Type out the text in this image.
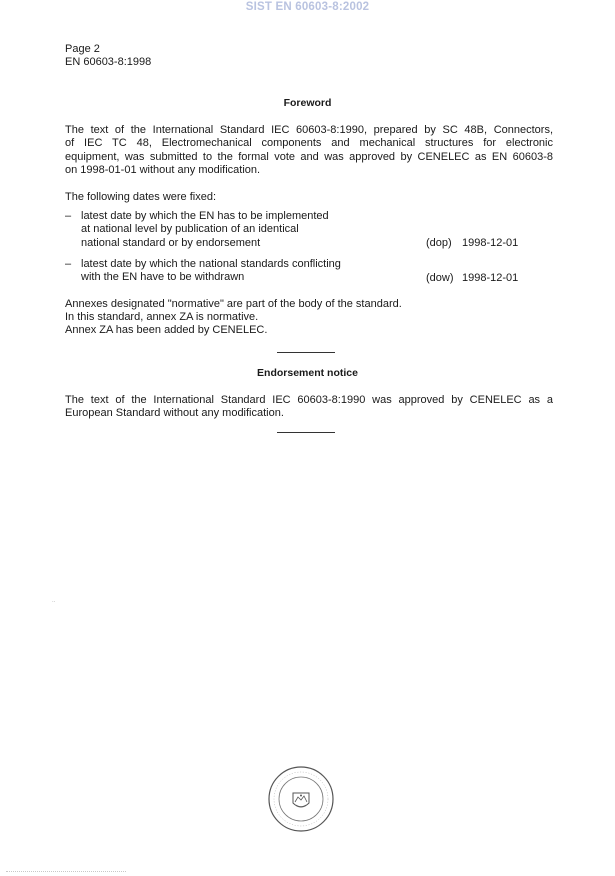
SIST EN 60603-8:2002
Page 2
EN 60603-8:1998
Foreword
The text of the International Standard IEC 60603-8:1990, prepared by SC 48B, Connectors,
of IEC TC 48, Electromechanical components and mechanical structures for electronic
equipment, was submitted to the formal vote and was approved by CENELEC as EN 60603-8
on 1998-01-01 without any modification.
The following dates were fixed:
– latest date by which the EN has to be implemented
at national level by publication of an identical
national standard or by endorsement	(dop) 1998-12-01
– latest date by which the national standards conflicting
with the EN have to be withdrawn	(dow) 1998-12-01
Annexes designated "normative" are part of the body of the standard.
In this standard, annex ZA is normative.
Annex ZA has been added by CENELEC.
Endorsement notice
The text of the International Standard IEC 60603-8:1990 was approved by CENELEC as a
European Standard without any modification.
..
